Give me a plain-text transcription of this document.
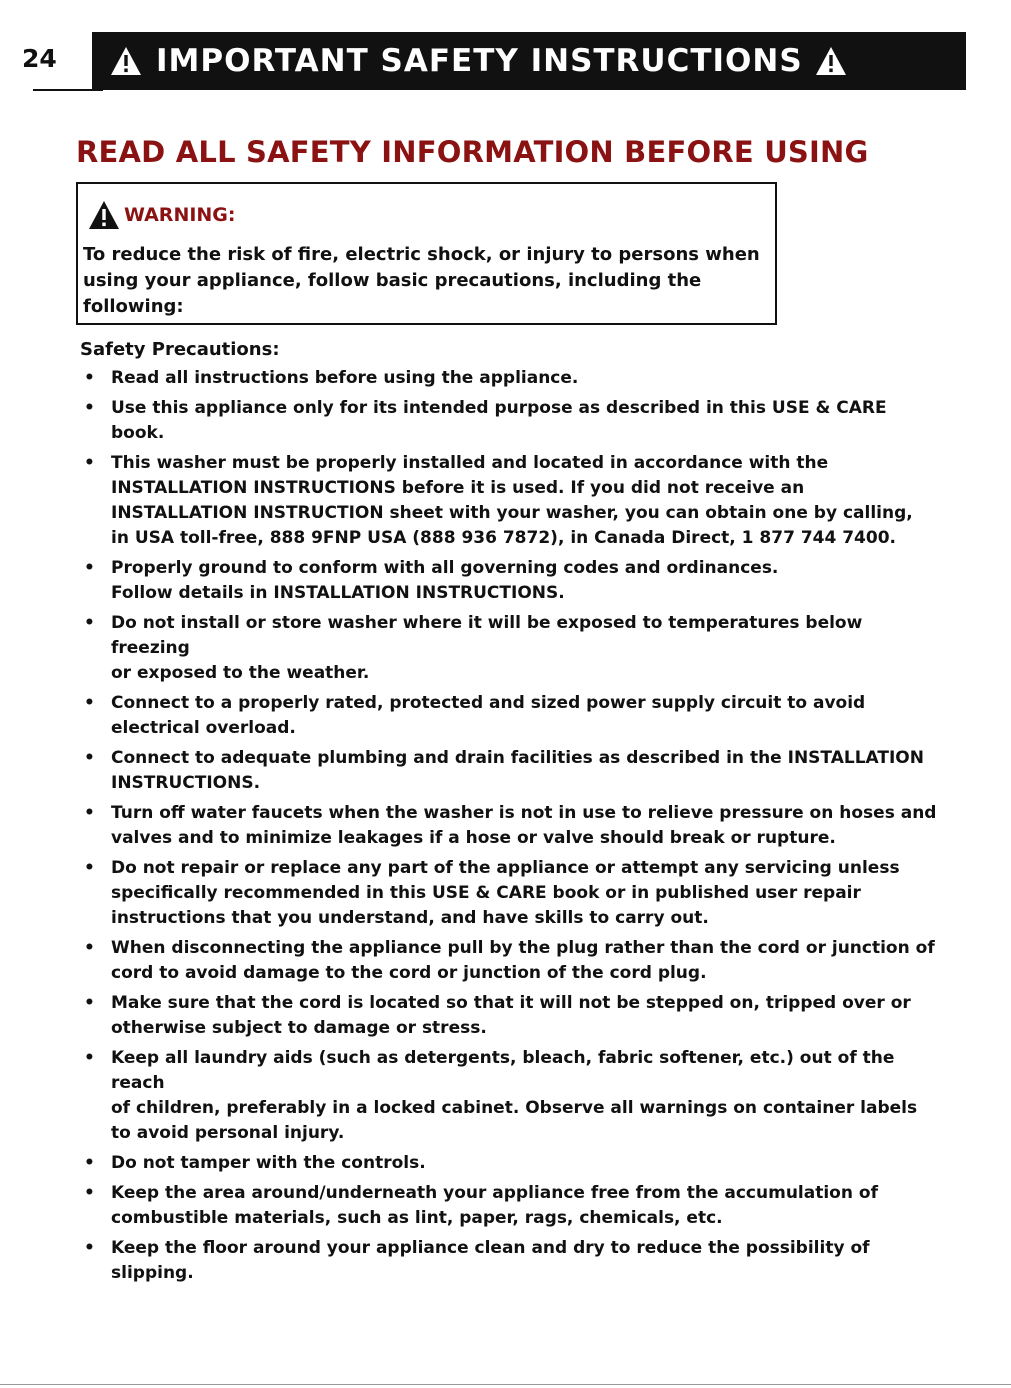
24	IMPORTANT SAFETY INSTRUCTIONS
READ ALL SAFETY INFORMATION BEFORE USING
WARNING:
To reduce the risk of fire, electric shock, or injury to persons when using your appliance, follow basic precautions, including the following:
Safety Precautions:
• Read all instructions before using the appliance.
• Use this appliance only for its intended purpose as described in this USE & CARE book.
• This washer must be properly installed and located in accordance with the
INSTALLATION INSTRUCTIONS before it is used. If you did not receive an
INSTALLATION INSTRUCTION sheet with your washer, you can obtain one by calling,
in USA toll-free, 888 9FNP USA (888 936 7872), in Canada Direct, 1 877 744 7400.
• Properly ground to conform with all governing codes and ordinances.
Follow details in INSTALLATION INSTRUCTIONS.
• Do not install or store washer where it will be exposed to temperatures below freezing
or exposed to the weather.
• Connect to a properly rated, protected and sized power supply circuit to avoid
electrical overload.
• Connect to adequate plumbing and drain facilities as described in the INSTALLATION
INSTRUCTIONS.
• Turn off water faucets when the washer is not in use to relieve pressure on hoses and
valves and to minimize leakages if a hose or valve should break or rupture.
• Do not repair or replace any part of the appliance or attempt any servicing unless
specifically recommended in this USE & CARE book or in published user repair
instructions that you understand, and have skills to carry out.
• When disconnecting the appliance pull by the plug rather than the cord or junction of
cord to avoid damage to the cord or junction of the cord plug.
• Make sure that the cord is located so that it will not be stepped on, tripped over or
otherwise subject to damage or stress.
• Keep all laundry aids (such as detergents, bleach, fabric softener, etc.) out of the reach
of children, preferably in a locked cabinet. Observe all warnings on container labels
to avoid personal injury.
• Do not tamper with the controls.
• Keep the area around/underneath your appliance free from the accumulation of
combustible materials, such as lint, paper, rags, chemicals, etc.
• Keep the floor around your appliance clean and dry to reduce the possibility of
slipping.
